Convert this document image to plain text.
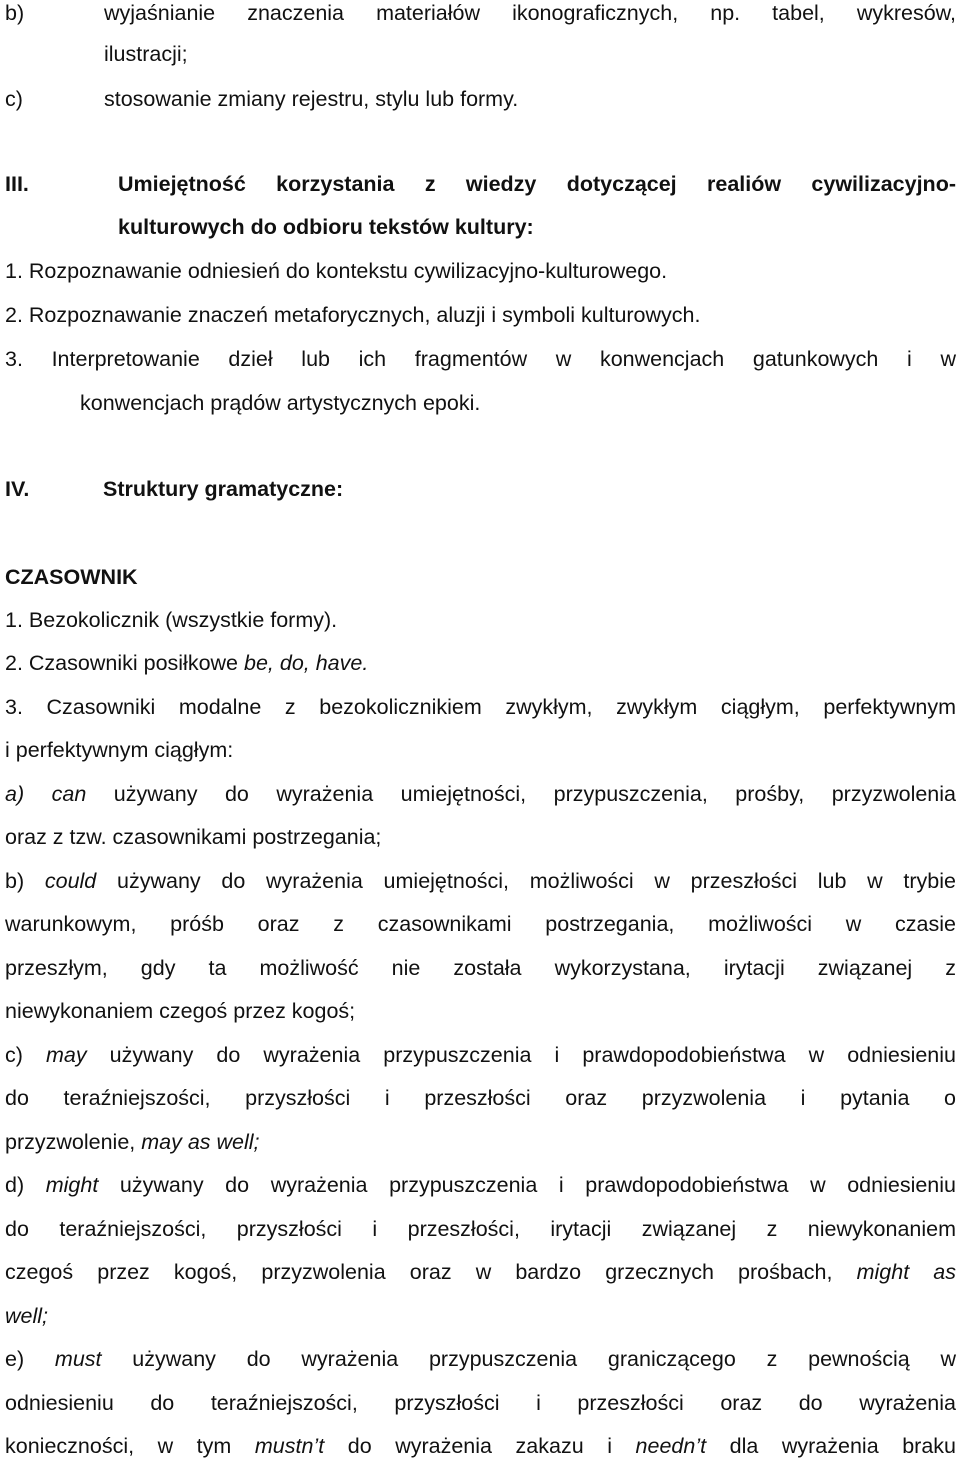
b)	wyjaśnianie znaczenia materiałów ikonograficznych, np. tabel, wykresów,
ilustracji;
c)	stosowanie zmiany rejestru, stylu lub formy.
III.	Umiejętność korzystania z wiedzy dotyczącej realiów cywilizacyjno-
kulturowych do odbioru tekstów kultury:
1. Rozpoznawanie odniesień do kontekstu cywilizacyjno-kulturowego.
2. Rozpoznawanie znaczeń metaforycznych, aluzji i symboli kulturowych.
3. Interpretowanie dzieł lub ich fragmentów w konwencjach gatunkowych i w
konwencjach prądów artystycznych epoki.
IV.	Struktury gramatyczne:
CZASOWNIK
1. Bezokolicznik (wszystkie formy).
2. Czasowniki posiłkowe be, do, have.
3. Czasowniki modalne z bezokolicznikiem zwykłym, zwykłym ciągłym, perfektywnym
i perfektywnym ciągłym:
a) can używany do wyrażenia umiejętności, przypuszczenia, prośby, przyzwolenia
oraz z tzw. czasownikami postrzegania;
b) could używany do wyrażenia umiejętności, możliwości w przeszłości lub w trybie
warunkowym, próśb oraz z czasownikami postrzegania, możliwości w czasie
przeszłym, gdy ta możliwość nie została wykorzystana, irytacji związanej z
niewykonaniem czegoś przez kogoś;
c) may używany do wyrażenia przypuszczenia i prawdopodobieństwa w odniesieniu
do teraźniejszości, przyszłości i przeszłości oraz przyzwolenia i pytania o
przyzwolenie, may as well;
d) might używany do wyrażenia przypuszczenia i prawdopodobieństwa w odniesieniu
do teraźniejszości, przyszłości i przeszłości, irytacji związanej z niewykonaniem
czegoś przez kogoś, przyzwolenia oraz w bardzo grzecznych prośbach, might as
well;
e) must używany do wyrażenia przypuszczenia graniczącego z pewnością w
odniesieniu do teraźniejszości, przyszłości i przeszłości oraz do wyrażenia
konieczności, w tym mustn’t do wyrażenia zakazu i needn’t dla wyrażenia braku
